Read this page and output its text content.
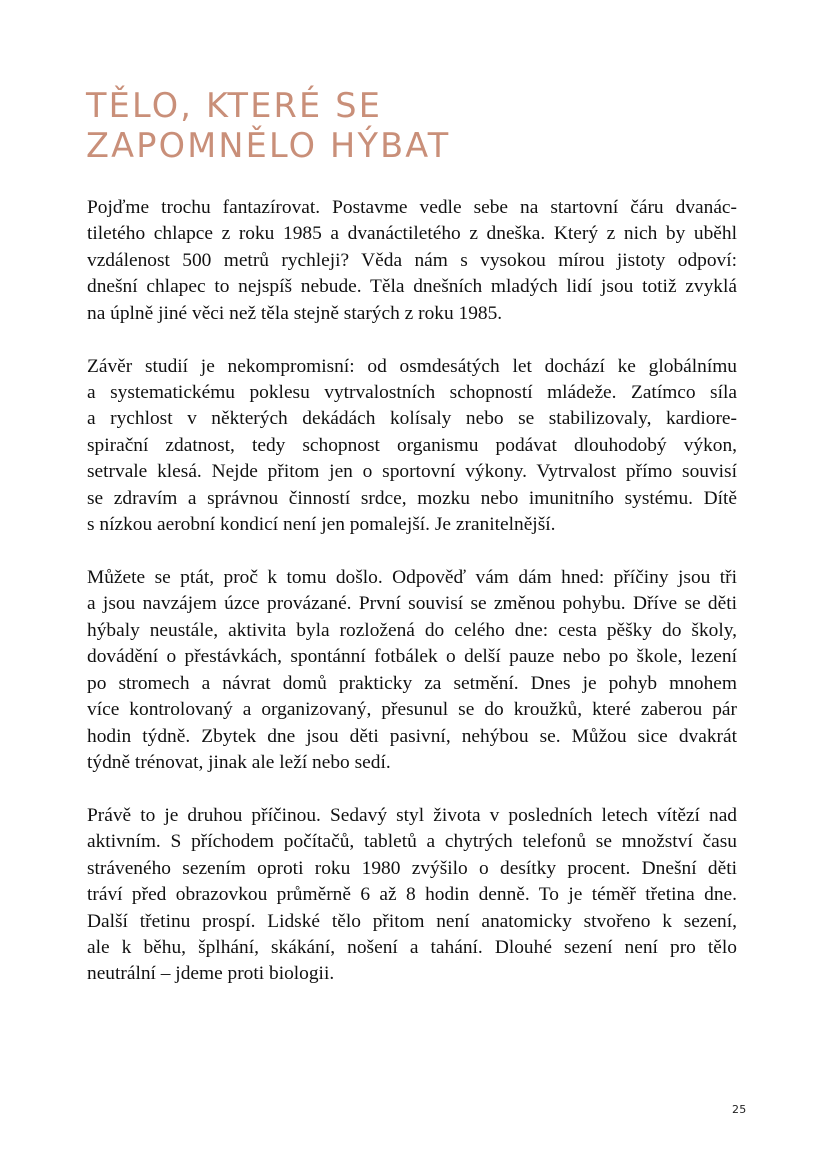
TĚLO, KTERÉ SE
ZAPOMNĚLO HÝBAT

Pojďme trochu fantazírovat. Postavme vedle sebe na startovní čáru dvanác-
tiletého chlapce z roku 1985 a dvanáctiletého z dneška. Který z nich by uběhl
vzdálenost 500 metrů rychleji? Věda nám s vysokou mírou jistoty odpoví:
dnešní chlapec to nejspíš nebude. Těla dnešních mladých lidí jsou totiž zvyklá
na úplně jiné věci než těla stejně starých z roku 1985.

Závěr studií je nekompromisní: od osmdesátých let dochází ke globálnímu
a systematickému poklesu vytrvalostních schopností mládeže. Zatímco síla
a rychlost v některých dekádách kolísaly nebo se stabilizovaly, kardiore-
spirační zdatnost, tedy schopnost organismu podávat dlouhodobý výkon,
setrvale klesá. Nejde přitom jen o sportovní výkony. Vytrvalost přímo souvisí
se zdravím a správnou činností srdce, mozku nebo imunitního systému. Dítě
s nízkou aerobní kondicí není jen pomalejší. Je zranitelnější.

Můžete se ptát, proč k tomu došlo. Odpověď vám dám hned: příčiny jsou tři
a jsou navzájem úzce provázané. První souvisí se změnou pohybu. Dříve se děti
hýbaly neustále, aktivita byla rozložená do celého dne: cesta pěšky do školy,
dovádění o přestávkách, spontánní fotbálek o delší pauze nebo po škole, lezení
po stromech a návrat domů prakticky za setmění. Dnes je pohyb mnohem
více kontrolovaný a organizovaný, přesunul se do kroužků, které zaberou pár
hodin týdně. Zbytek dne jsou děti pasivní, nehýbou se. Můžou sice dvakrát
týdně trénovat, jinak ale leží nebo sedí.

Právě to je druhou příčinou. Sedavý styl života v posledních letech vítězí nad
aktivním. S příchodem počítačů, tabletů a chytrých telefonů se množství času
stráveného sezením oproti roku 1980 zvýšilo o desítky procent. Dnešní děti
tráví před obrazovkou průměrně 6 až 8 hodin denně. To je téměř třetina dne.
Další třetinu prospí. Lidské tělo přitom není anatomicky stvořeno k sezení,
ale k běhu, šplhání, skákání, nošení a tahání. Dlouhé sezení není pro tělo
neutrální – jdeme proti biologii.

25
